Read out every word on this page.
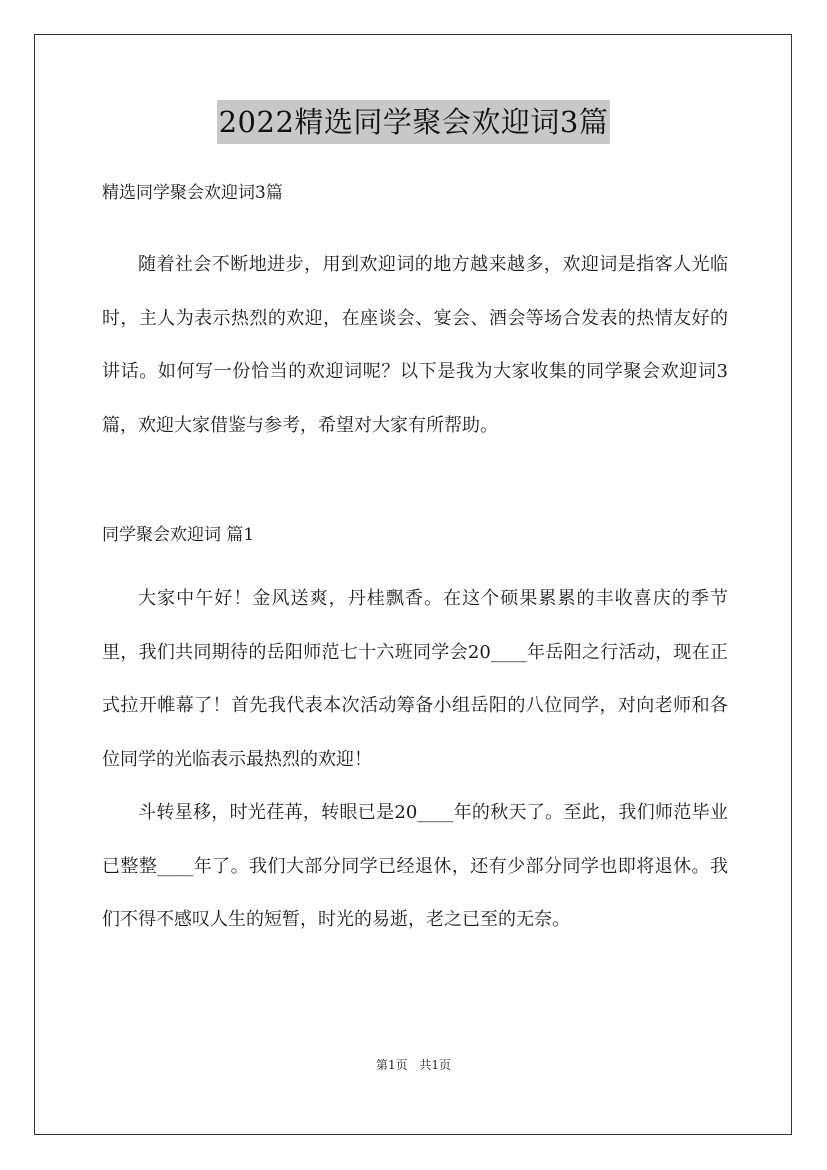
2022精选同学聚会欢迎词3篇

精选同学聚会欢迎词3篇

随着社会不断地进步，用到欢迎词的地方越来越多，欢迎词是指客人光临时，主人为表示热烈的欢迎，在座谈会、宴会、酒会等场合发表的热情友好的讲话。如何写一份恰当的欢迎词呢？以下是我为大家收集的同学聚会欢迎词3篇，欢迎大家借鉴与参考，希望对大家有所帮助。

同学聚会欢迎词 篇1

大家中午好！金风送爽，丹桂飘香。在这个硕果累累的丰收喜庆的季节里，我们共同期待的岳阳师范七十六班同学会20____年岳阳之行活动，现在正式拉开帷幕了！首先我代表本次活动筹备小组岳阳的八位同学，对向老师和各位同学的光临表示最热烈的欢迎！

斗转星移，时光荏苒，转眼已是20____年的秋天了。至此，我们师范毕业已整整____年了。我们大部分同学已经退休，还有少部分同学也即将退休。我们不得不感叹人生的短暂，时光的易逝，老之已至的无奈。

第1页 共1页
